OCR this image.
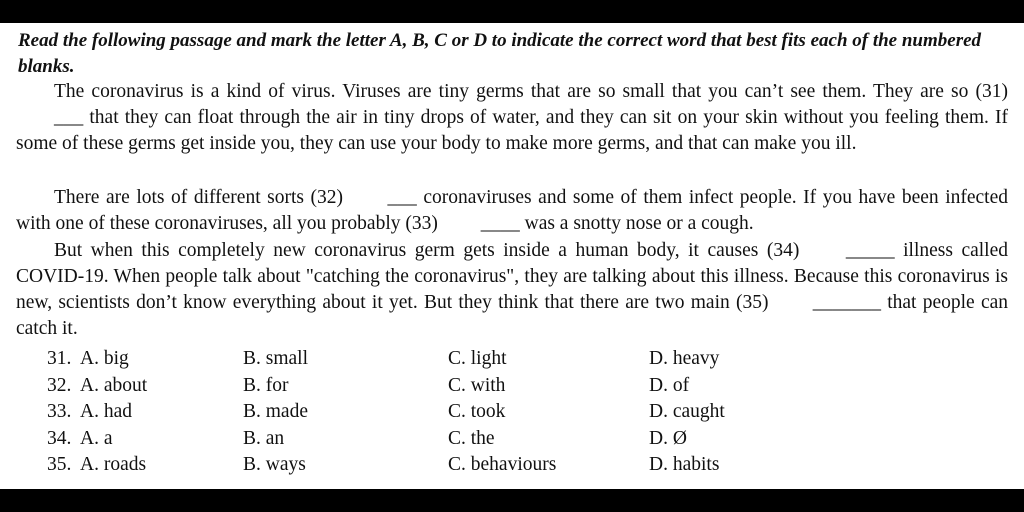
Read the following passage and mark the letter A, B, C or D to indicate the correct word that best fits each of the numbered blanks.

The coronavirus is a kind of virus. Viruses are tiny germs that are so small that you can’t see them. They are so (31) ___ that they can float through the air in tiny drops of water, and they can sit on your skin without you feeling them. If some of these germs get inside you, they can use your body to make more germs, and that can make you ill.

There are lots of different sorts (32) ___ coronaviruses and some of them infect people. If you have been infected with one of these coronaviruses, all you probably (33) ____ was a snotty nose or a cough.

But when this completely new coronavirus germ gets inside a human body, it causes (34) _____ illness called COVID-19. When people talk about "catching the coronavirus", they are talking about this illness. Because this coronavirus is new, scientists don’t know everything about it yet. But they think that there are two main (35) _______ that people can catch it.

31. A. big	B. small	C. light	D. heavy
32. A. about	B. for	C. with	D. of
33. A. had	B. made	C. took	D. caught
34. A. a	B. an	C. the	D. Ø
35. A. roads	B. ways	C. behaviours	D. habits
